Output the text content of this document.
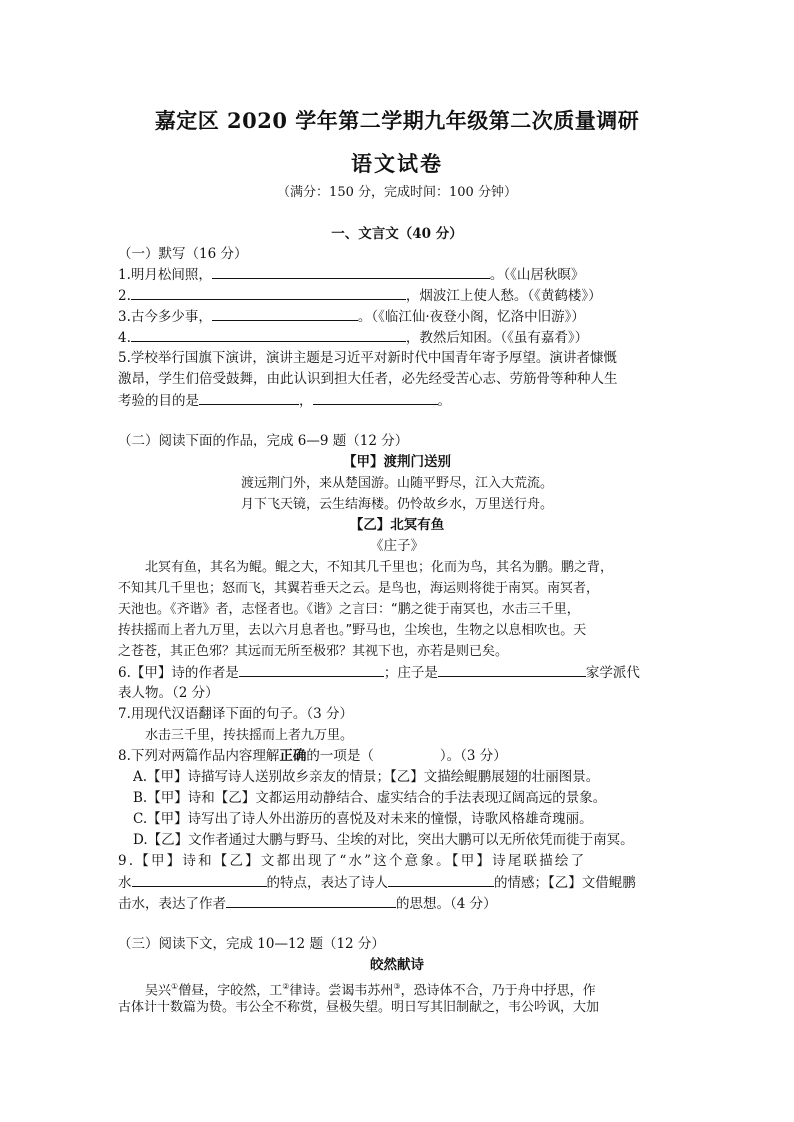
嘉定区 2020 学年第二学期九年级第二次质量调研
语文试卷
（满分：150 分，完成时间：100 分钟）
一、文言文（40 分）
（一）默写（16 分）
1.明月松间照，	。（《山居秋暝》
2.	，烟波江上使人愁。（《黄鹤楼》）
3.古今多少事，	。（《临江仙·夜登小阁，忆洛中旧游》）
4.	，教然后知困。（《虽有嘉肴》）
5.学校举行国旗下演讲，演讲主题是习近平对新时代中国青年寄予厚望。演讲者慷慨
激昂，学生们倍受鼓舞，由此认识到担大任者，必先经受苦心志、劳筋骨等种种人生
考验的目的是	，	。
（二）阅读下面的作品，完成 6—9 题（12 分）
【甲】渡荆门送别
渡远荆门外，来从楚国游。山随平野尽，江入大荒流。
月下飞天镜，云生结海楼。仍怜故乡水，万里送行舟。
【乙】北冥有鱼
《庄子》
北冥有鱼，其名为鲲。鲲之大，不知其几千里也；化而为鸟，其名为鹏。鹏之背，
不知其几千里也；怒而飞，其翼若垂天之云。是鸟也，海运则将徙于南冥。南冥者，
天池也。《齐谐》者，志怪者也。《谐》之言曰：“鹏之徙于南冥也，水击三千里，
抟扶摇而上者九万里，去以六月息者也。”野马也，尘埃也，生物之以息相吹也。天
之苍苍，其正色邪？其远而无所至极邪？其视下也，亦若是则已矣。
6.【甲】诗的作者是	；庄子是	家学派代
表人物。（2 分）
7.用现代汉语翻译下面的句子。（3 分）
水击三千里，抟扶摇而上者九万里。
8.下列对两篇作品内容理解正确的一项是（	）。（3 分）
A.【甲】诗描写诗人送别故乡亲友的情景；【乙】文描绘鲲鹏展翅的壮丽图景。
B.【甲】诗和【乙】文都运用动静结合、虚实结合的手法表现辽阔高远的景象。
C.【甲】诗写出了诗人外出游历的喜悦及对未来的憧憬，诗歌风格雄奇瑰丽。
D.【乙】文作者通过大鹏与野马、尘埃的对比，突出大鹏可以无所依凭而徙于南冥。
9.【甲】诗和【乙】文都出现了“水”这个意象。【甲】诗尾联描绘了
水	的特点，表达了诗人	的情感；【乙】文借鲲鹏
击水，表达了作者	的思想。（4 分）
（三）阅读下文，完成 10—12 题（12 分）
皎然献诗
吴兴①僧昼，字皎然，工②律诗。尝谒韦苏州③，恐诗体不合，乃于舟中抒思，作
古体计十数篇为贽。韦公全不称赏，昼极失望。明日写其旧制献之，韦公吟讽，大加
